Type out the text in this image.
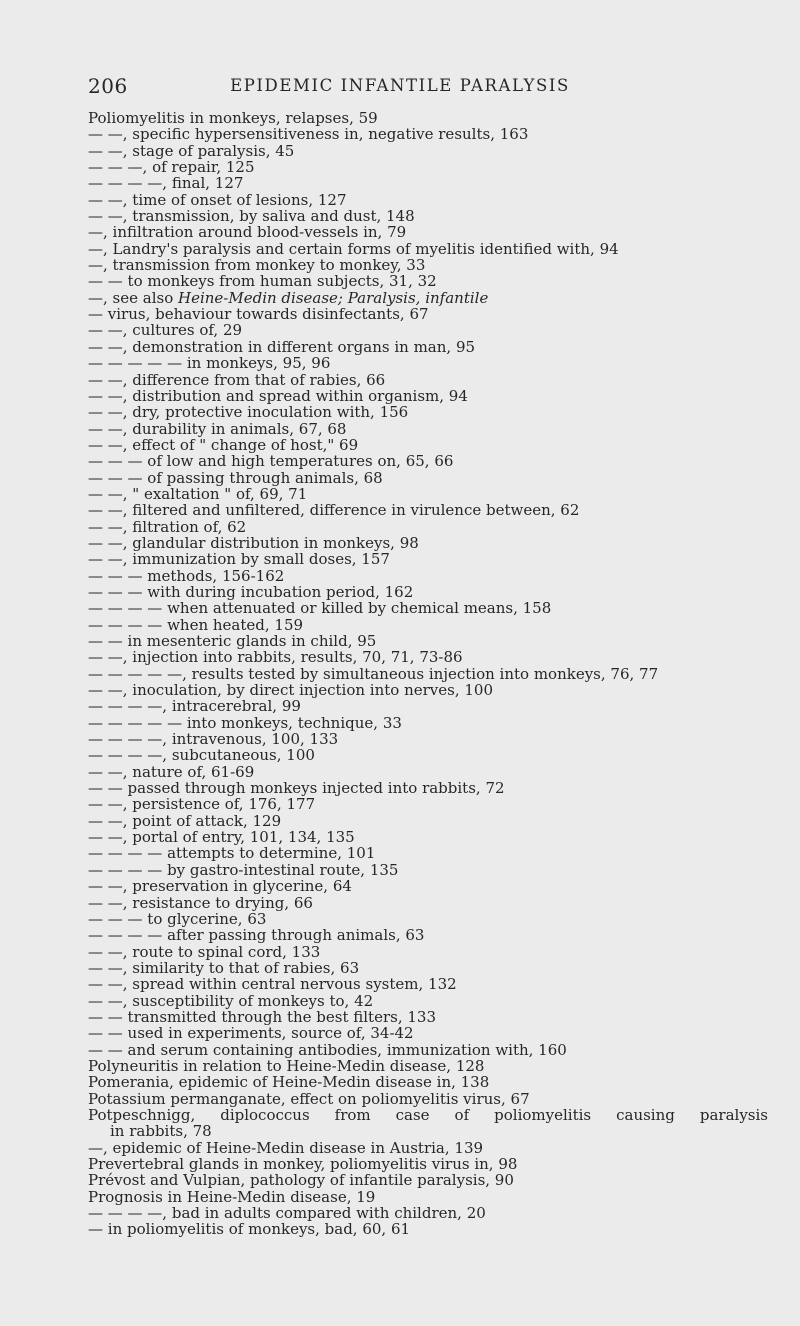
206	EPIDEMIC INFANTILE PARALYSIS
Poliomyelitis in monkeys, relapses, 59
— —, specific hypersensitiveness in, negative results, 163
— —, stage of paralysis, 45
— — —, of repair, 125
— — — —, final, 127
— —, time of onset of lesions, 127
— —, transmission, by saliva and dust, 148
—, infiltration around blood-vessels in, 79
—, Landry's paralysis and certain forms of myelitis identified with, 94
—, transmission from monkey to monkey, 33
— — to monkeys from human subjects, 31, 32
—, see also Heine-Medin disease; Paralysis, infantile
— virus, behaviour towards disinfectants, 67
— —, cultures of, 29
— —, demonstration in different organs in man, 95
— — — — — in monkeys, 95, 96
— —, difference from that of rabies, 66
— —, distribution and spread within organism, 94
— —, dry, protective inoculation with, 156
— —, durability in animals, 67, 68
— —, effect of " change of host," 69
— — — of low and high temperatures on, 65, 66
— — — of passing through animals, 68
— —, " exaltation " of, 69, 71
— —, filtered and unfiltered, difference in virulence between, 62
— —, filtration of, 62
— —, glandular distribution in monkeys, 98
— —, immunization by small doses, 157
— — — methods, 156-162
— — — with during incubation period, 162
— — — — when attenuated or killed by chemical means, 158
— — — — when heated, 159
— — in mesenteric glands in child, 95
— —, injection into rabbits, results, 70, 71, 73-86
— — — — —, results tested by simultaneous injection into monkeys, 76, 77
— —, inoculation, by direct injection into nerves, 100
— — — —, intracerebral, 99
— — — — — into monkeys, technique, 33
— — — —, intravenous, 100, 133
— — — —, subcutaneous, 100
— —, nature of, 61-69
— — passed through monkeys injected into rabbits, 72
— —, persistence of, 176, 177
— —, point of attack, 129
— —, portal of entry, 101, 134, 135
— — — — attempts to determine, 101
— — — — by gastro-intestinal route, 135
— —, preservation in glycerine, 64
— —, resistance to drying, 66
— — — to glycerine, 63
— — — — after passing through animals, 63
— —, route to spinal cord, 133
— —, similarity to that of rabies, 63
— —, spread within central nervous system, 132
— —, susceptibility of monkeys to, 42
— — transmitted through the best filters, 133
— — used in experiments, source of, 34-42
— — and serum containing antibodies, immunization with, 160
Polyneuritis in relation to Heine-Medin disease, 128
Pomerania, epidemic of Heine-Medin disease in, 138
Potassium permanganate, effect on poliomyelitis virus, 67
Potpeschnigg, diplococcus from case of poliomyelitis causing paralysis
in rabbits, 78
—, epidemic of Heine-Medin disease in Austria, 139
Prevertebral glands in monkey, poliomyelitis virus in, 98
Prévost and Vulpian, pathology of infantile paralysis, 90
Prognosis in Heine-Medin disease, 19
— — — —, bad in adults compared with children, 20
— in poliomyelitis of monkeys, bad, 60, 61
